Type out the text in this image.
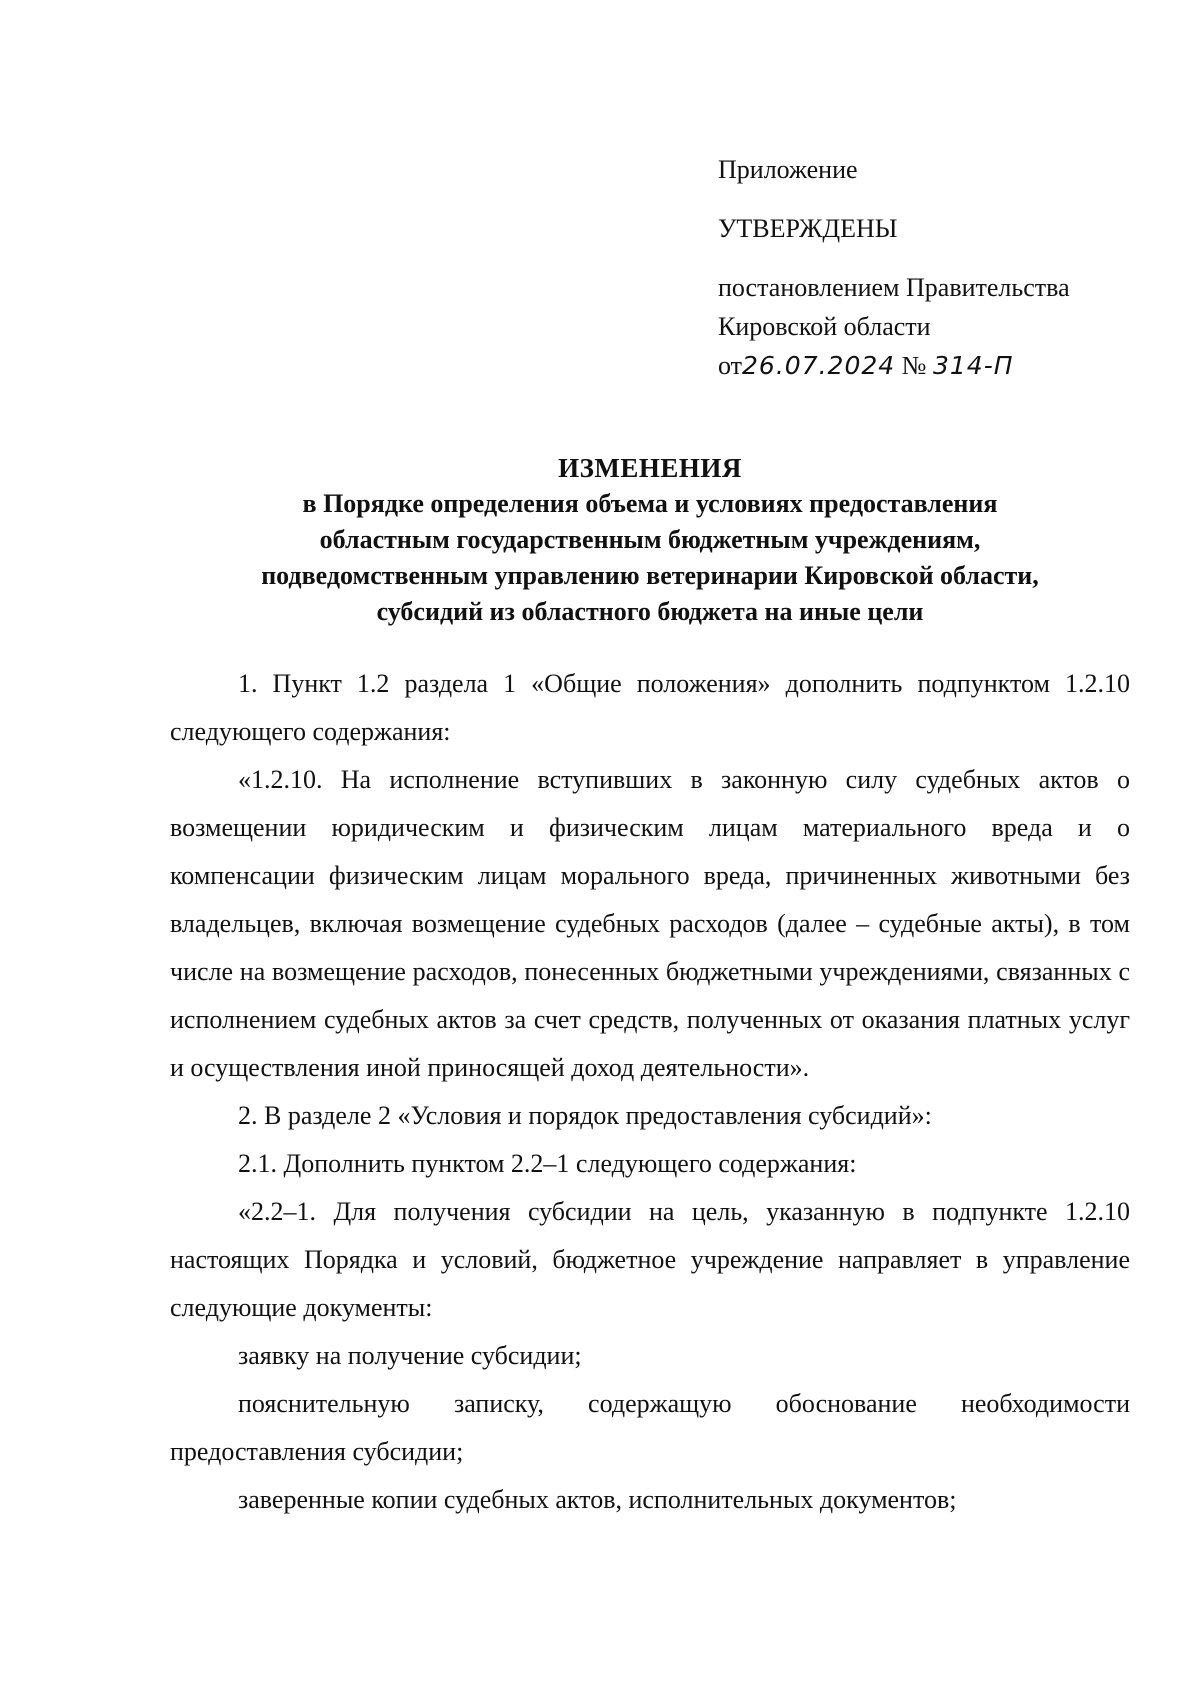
Приложение
УТВЕРЖДЕНЫ
постановлением Правительства
Кировской области
от26.07.2024 № 314-П
ИЗМЕНЕНИЯ
в Порядке определения объема и условиях предоставления
областным государственным бюджетным учреждениям,
подведомственным управлению ветеринарии Кировской области,
субсидий из областного бюджета на иные цели

1. Пункт 1.2 раздела 1 «Общие положения» дополнить подпунктом 1.2.10 следующего содержания:

«1.2.10. На исполнение вступивших в законную силу судебных актов о возмещении юридическим и физическим лицам материального вреда и о компенсации физическим лицам морального вреда, причиненных животными без владельцев, включая возмещение судебных расходов (далее – судебные акты), в том числе на возмещение расходов, понесенных бюджетными учреждениями, связанных с исполнением судебных актов за счет средств, полученных от оказания платных услуг и осуществления иной приносящей доход деятельности».

2. В разделе 2 «Условия и порядок предоставления субсидий»:

2.1. Дополнить пунктом 2.2–1 следующего содержания:

«2.2–1. Для получения субсидии на цель, указанную в подпункте 1.2.10 настоящих Порядка и условий, бюджетное учреждение направляет в управление следующие документы:

заявку на получение субсидии;

пояснительную записку, содержащую обоснование необходимости предоставления субсидии;

заверенные копии судебных актов, исполнительных документов;
